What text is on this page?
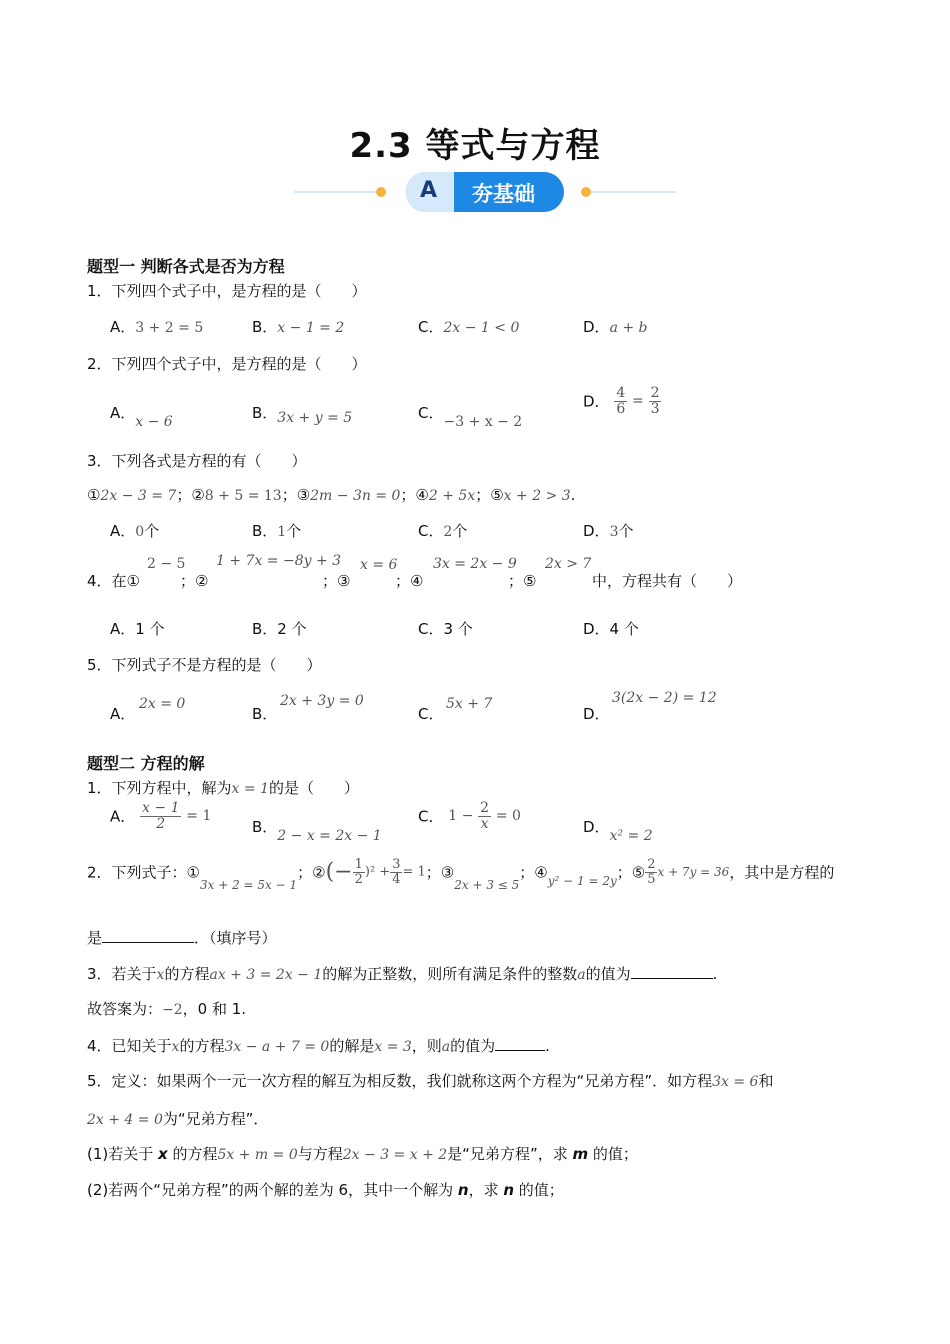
2.3 等式与方程
A 夯基础
题型一 判断各式是否为方程
1．下列四个式子中，是方程的是（　　）
A．3 + 2 = 5	B．x − 1 = 2	C．2x − 1 < 0	D．a + b
2．下列四个式子中，是方程的是（　　）
A．x − 6	B．3x + y = 5	C．−3 + x − 2
D． $\frac{4}{6} = \frac{2}{3}$
3．下列各式是方程的有（　　）
①2x − 3 = 7；②8 + 5 = 13；③2m − 3n = 0；④2 + 5x；⑤x + 2 > 3.
A．0个	B．1个	C．2个	D．3个
4．在①
2 − 5
；②
1 + 7x = −8y + 3
；③
x = 6
；④
3x = 2x − 9
；⑤
2x > 7
中，方程共有（　　）
A．1 个	B．2 个	C．3 个	D．4 个
5．下列式子不是方程的是（　　）
A．
2x = 0
B．
2x + 3y = 0
C．
5x + 7
D．
3(2x − 2) = 12
题型二 方程的解
1．下列方程中，解为x = 1的是（　　）
A． $\frac{x - 1}{2} = 1$
B．2 − x = 2x − 1
C． $1 - \frac{2}{x} = 0$
D．x² = 2
2．下列式子：$①_{3x + 2 = 5x - 1}$；②(− $\frac{1}{2} )^2 + \frac{3}{4} = 1$；$③_{2x + 3 \le 5}$；$④_{y^2 - 1 = 2y}$；⑤ $\frac{2}{5}$ x + 7y = 36，其中是方程的
是	．（填序号）
3．若关于x的方程ax + 3 = 2x − 1的解为正整数，则所有满足条件的整数a的值为	.
故答案为：−2，0 和 1.
4．已知关于x的方程3x − a + 7 = 0的解是x = 3，则a的值为	.
5．定义：如果两个一元一次方程的解互为相反数，我们就称这两个方程为“兄弟方程”．如方程3x = 6和
2x + 4 = 0为“兄弟方程”．
(1)若关于 x 的方程5x + m = 0与方程2x − 3 = x + 2是“兄弟方程”，求 m 的值；
(2)若两个“兄弟方程”的两个解的差为 6，其中一个解为 n，求 n 的值；
